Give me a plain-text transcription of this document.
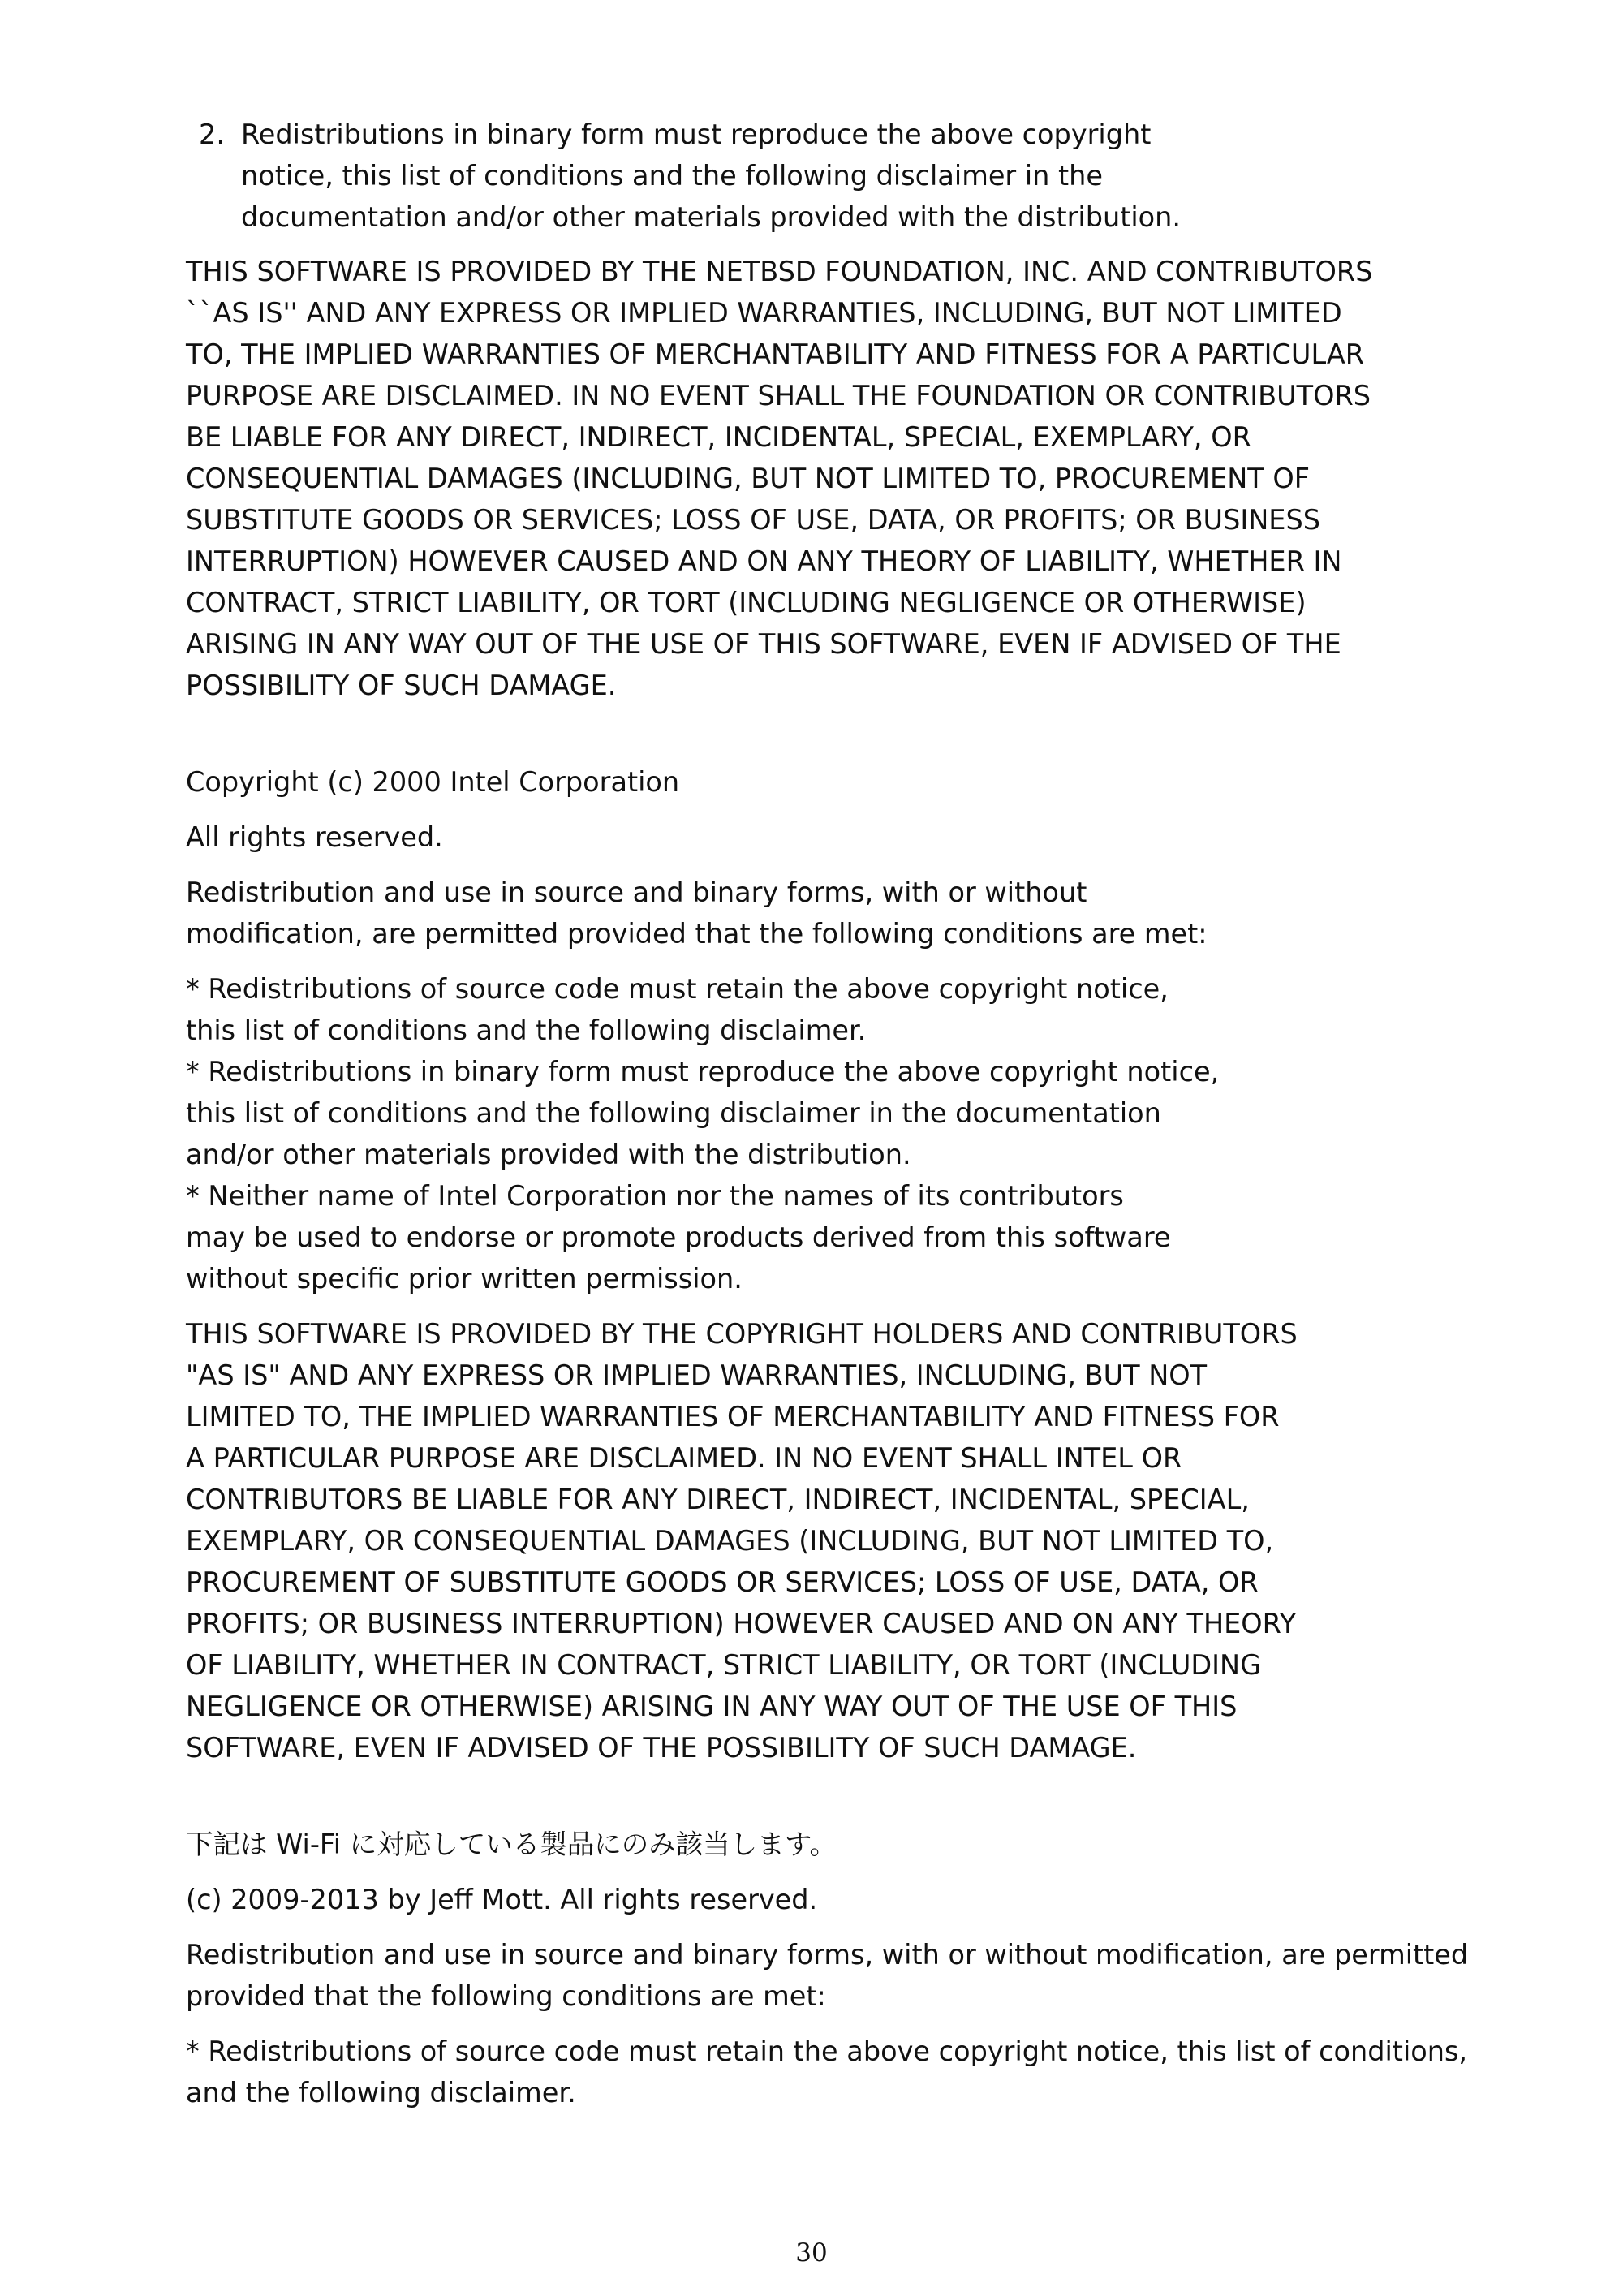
2. Redistributions in binary form must reproduce the above copyright
notice, this list of conditions and the following disclaimer in the
documentation and/or other materials provided with the distribution.

THIS SOFTWARE IS PROVIDED BY THE NETBSD FOUNDATION, INC. AND CONTRIBUTORS
``AS IS'' AND ANY EXPRESS OR IMPLIED WARRANTIES, INCLUDING, BUT NOT LIMITED
TO, THE IMPLIED WARRANTIES OF MERCHANTABILITY AND FITNESS FOR A PARTICULAR
PURPOSE ARE DISCLAIMED. IN NO EVENT SHALL THE FOUNDATION OR CONTRIBUTORS
BE LIABLE FOR ANY DIRECT, INDIRECT, INCIDENTAL, SPECIAL, EXEMPLARY, OR
CONSEQUENTIAL DAMAGES (INCLUDING, BUT NOT LIMITED TO, PROCUREMENT OF
SUBSTITUTE GOODS OR SERVICES; LOSS OF USE, DATA, OR PROFITS; OR BUSINESS
INTERRUPTION) HOWEVER CAUSED AND ON ANY THEORY OF LIABILITY, WHETHER IN
CONTRACT, STRICT LIABILITY, OR TORT (INCLUDING NEGLIGENCE OR OTHERWISE)
ARISING IN ANY WAY OUT OF THE USE OF THIS SOFTWARE, EVEN IF ADVISED OF THE
POSSIBILITY OF SUCH DAMAGE.

Copyright (c) 2000 Intel Corporation

All rights reserved.

Redistribution and use in source and binary forms, with or without
modification, are permitted provided that the following conditions are met:

* Redistributions of source code must retain the above copyright notice,
this list of conditions and the following disclaimer.
* Redistributions in binary form must reproduce the above copyright notice,
this list of conditions and the following disclaimer in the documentation
and/or other materials provided with the distribution.
* Neither name of Intel Corporation nor the names of its contributors
may be used to endorse or promote products derived from this software
without specific prior written permission.

THIS SOFTWARE IS PROVIDED BY THE COPYRIGHT HOLDERS AND CONTRIBUTORS
"AS IS" AND ANY EXPRESS OR IMPLIED WARRANTIES, INCLUDING, BUT NOT
LIMITED TO, THE IMPLIED WARRANTIES OF MERCHANTABILITY AND FITNESS FOR
A PARTICULAR PURPOSE ARE DISCLAIMED. IN NO EVENT SHALL INTEL OR
CONTRIBUTORS BE LIABLE FOR ANY DIRECT, INDIRECT, INCIDENTAL, SPECIAL,
EXEMPLARY, OR CONSEQUENTIAL DAMAGES (INCLUDING, BUT NOT LIMITED TO,
PROCUREMENT OF SUBSTITUTE GOODS OR SERVICES; LOSS OF USE, DATA, OR
PROFITS; OR BUSINESS INTERRUPTION) HOWEVER CAUSED AND ON ANY THEORY
OF LIABILITY, WHETHER IN CONTRACT, STRICT LIABILITY, OR TORT (INCLUDING
NEGLIGENCE OR OTHERWISE) ARISING IN ANY WAY OUT OF THE USE OF THIS
SOFTWARE, EVEN IF ADVISED OF THE POSSIBILITY OF SUCH DAMAGE.

下記は Wi-Fi に対応している製品にのみ該当します。

(c) 2009-2013 by Jeff Mott. All rights reserved.

Redistribution and use in source and binary forms, with or without modification, are permitted
provided that the following conditions are met:

* Redistributions of source code must retain the above copyright notice, this list of conditions,
and the following disclaimer.

30
